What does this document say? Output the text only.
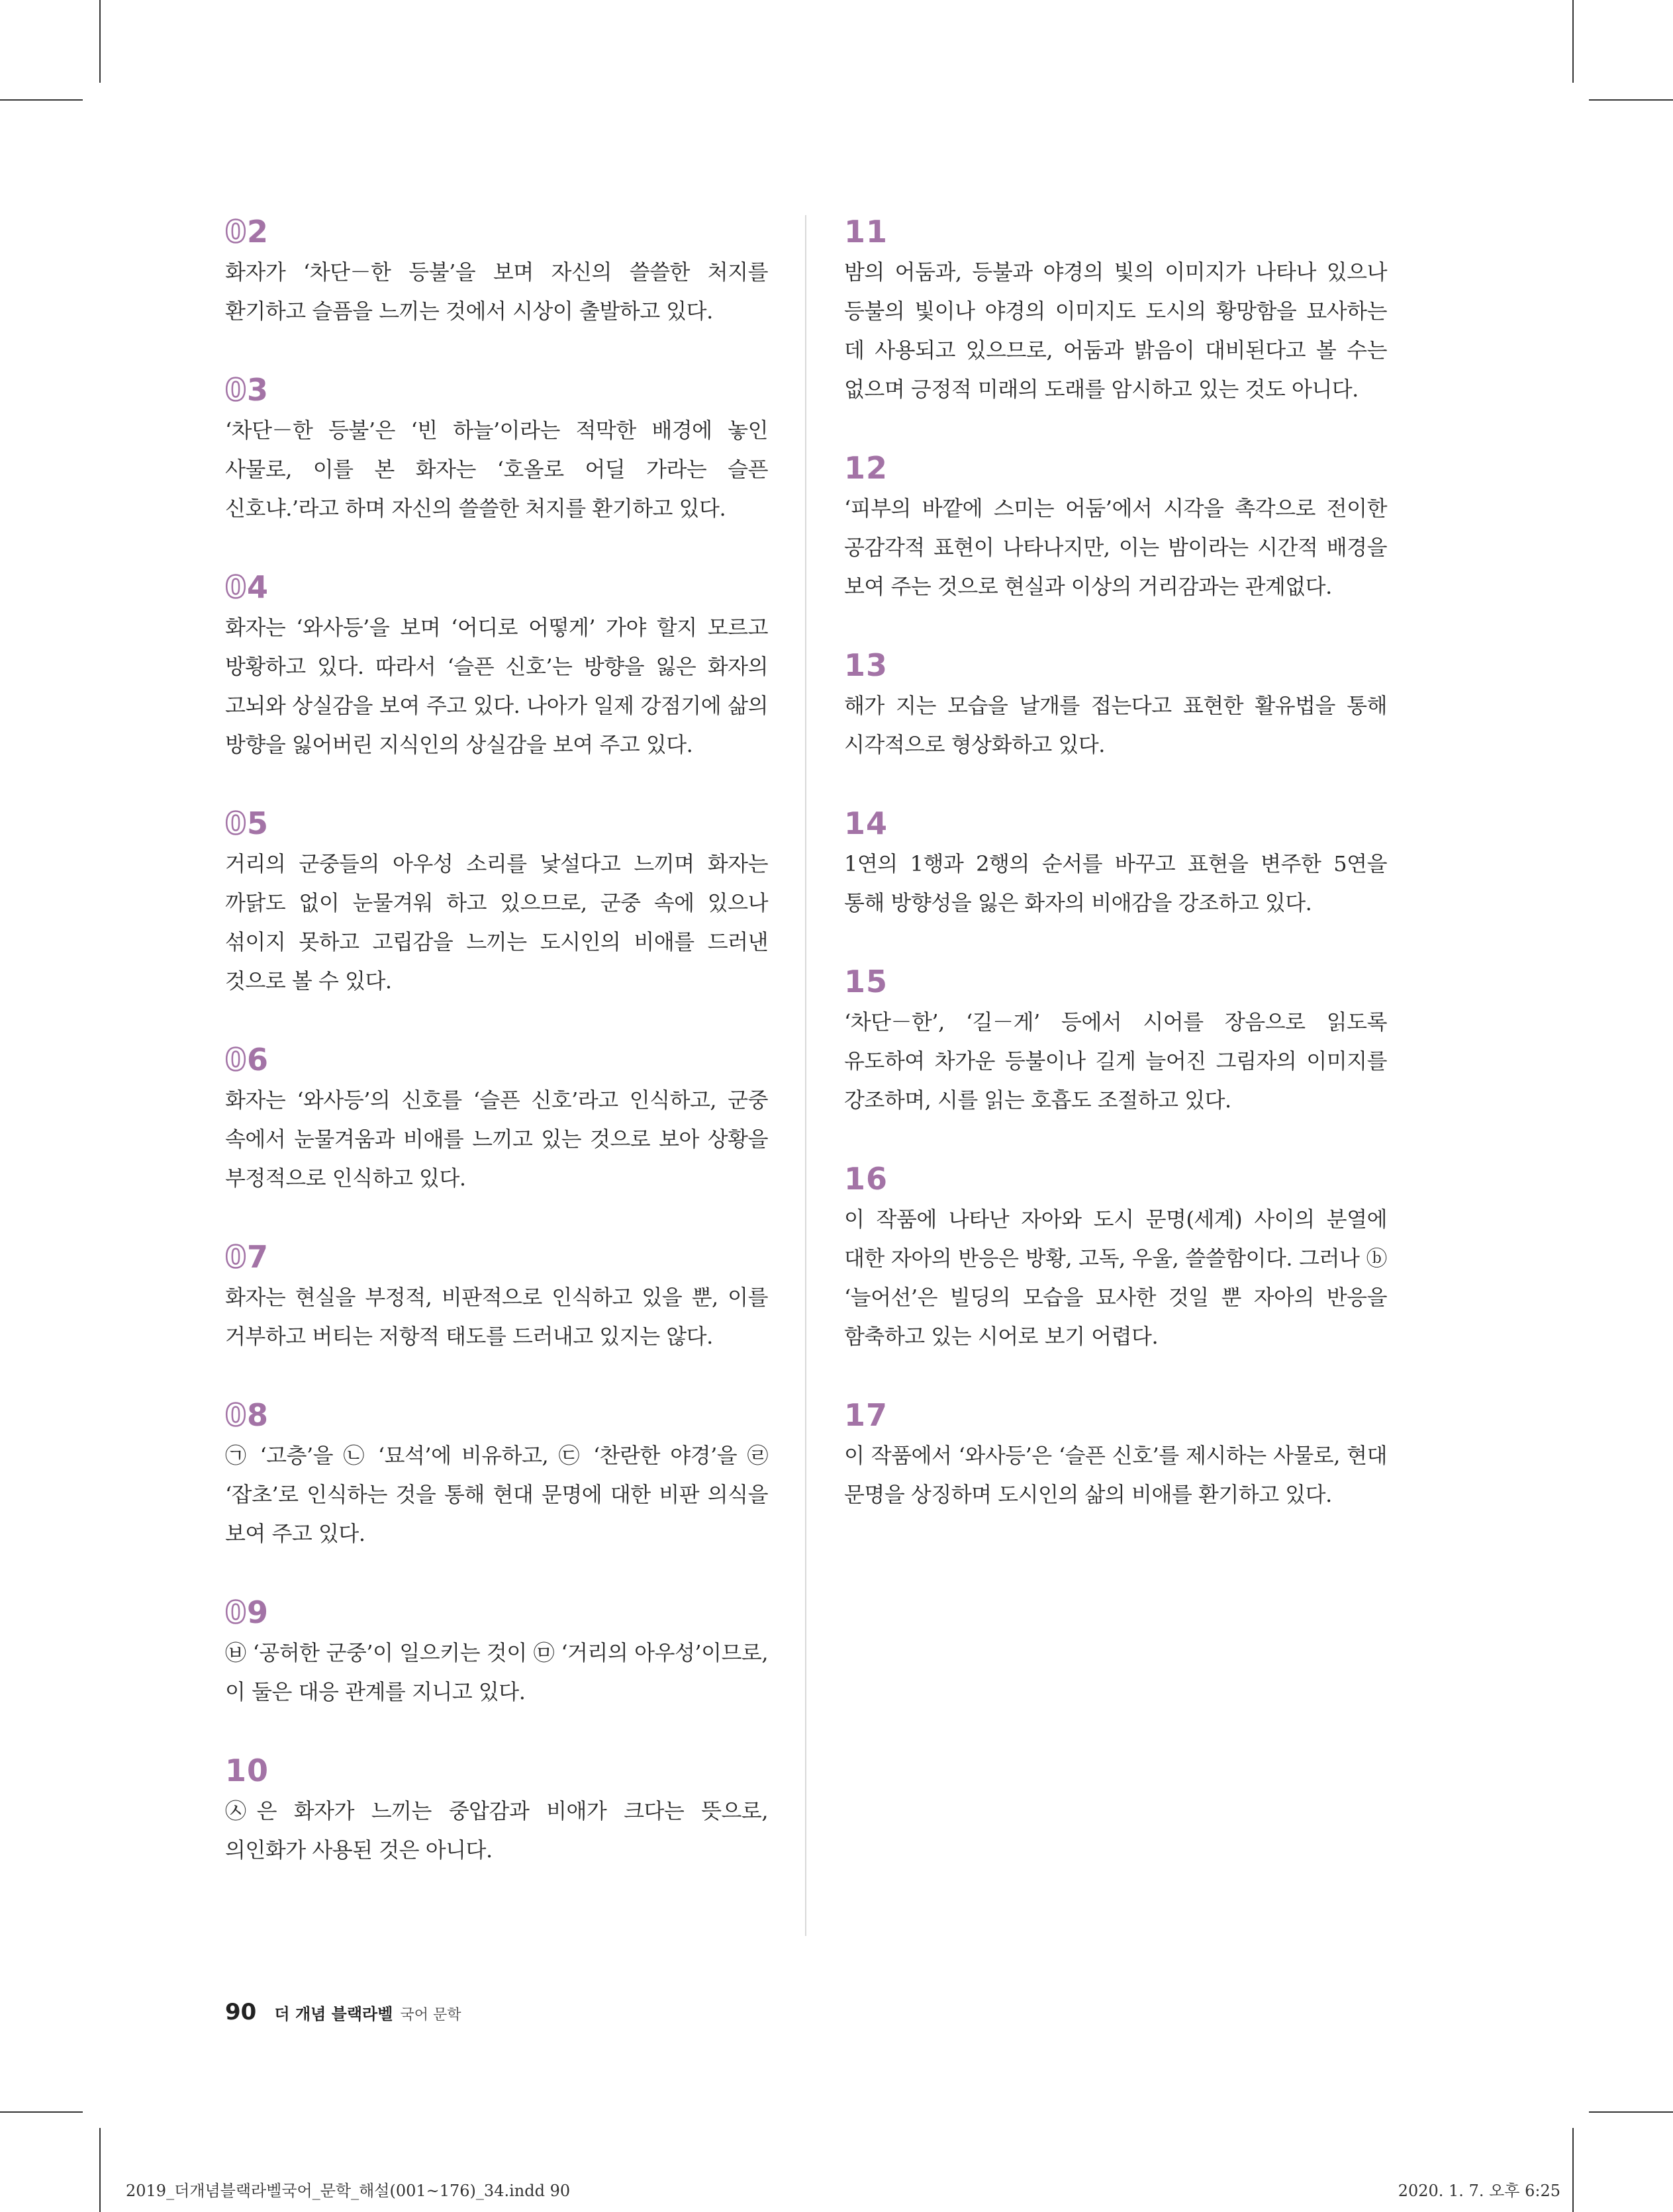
02

화자가 ‘차단－한 등불’을 보며 자신의 쓸쓸한 처지를 환기하고 슬픔을 느끼는 것에서 시상이 출발하고 있다.

03

‘차단－한 등불’은 ‘빈 하늘’이라는 적막한 배경에 놓인 사물로, 이를 본 화자는 ‘호올로 어딜 가라는 슬픈 신호냐.’라고 하며 자신의 쓸쓸한 처지를 환기하고 있다.

04

화자는 ‘와사등’을 보며 ‘어디로 어떻게’ 가야 할지 모르고 방황하고 있다. 따라서 ‘슬픈 신호’는 방향을 잃은 화자의 고뇌와 상실감을 보여 주고 있다. 나아가 일제 강점기에 삶의 방향을 잃어버린 지식인의 상실감을 보여 주고 있다.

05

거리의 군중들의 아우성 소리를 낯설다고 느끼며 화자는 까닭도 없이 눈물겨워 하고 있으므로, 군중 속에 있으나 섞이지 못하고 고립감을 느끼는 도시인의 비애를 드러낸 것으로 볼 수 있다.

06

화자는 ‘와사등’의 신호를 ‘슬픈 신호’라고 인식하고, 군중 속에서 눈물겨움과 비애를 느끼고 있는 것으로 보아 상황을 부정적으로 인식하고 있다.

07

화자는 현실을 부정적, 비판적으로 인식하고 있을 뿐, 이를 거부하고 버티는 저항적 태도를 드러내고 있지는 않다.

08

㉠ ‘고층’을 ㉡ ‘묘석’에 비유하고, ㉢ ‘찬란한 야경’을 ㉣ ‘잡초’로 인식하는 것을 통해 현대 문명에 대한 비판 의식을 보여 주고 있다.

09

㉥ ‘공허한 군중’이 일으키는 것이 ㉤ ‘거리의 아우성’이므로, 이 둘은 대응 관계를 지니고 있다.

10

㉦은 화자가 느끼는 중압감과 비애가 크다는 뜻으로, 의인화가 사용된 것은 아니다.

11

밤의 어둠과, 등불과 야경의 빛의 이미지가 나타나 있으나 등불의 빛이나 야경의 이미지도 도시의 황망함을 묘사하는 데 사용되고 있으므로, 어둠과 밝음이 대비된다고 볼 수는 없으며 긍정적 미래의 도래를 암시하고 있는 것도 아니다.

12

‘피부의 바깥에 스미는 어둠’에서 시각을 촉각으로 전이한 공감각적 표현이 나타나지만, 이는 밤이라는 시간적 배경을 보여 주는 것으로 현실과 이상의 거리감과는 관계없다.

13

해가 지는 모습을 날개를 접는다고 표현한 활유법을 통해 시각적으로 형상화하고 있다.

14

1연의 1행과 2행의 순서를 바꾸고 표현을 변주한 5연을 통해 방향성을 잃은 화자의 비애감을 강조하고 있다.

15

‘차단－한’, ‘길－게’ 등에서 시어를 장음으로 읽도록 유도하여 차가운 등불이나 길게 늘어진 그림자의 이미지를 강조하며, 시를 읽는 호흡도 조절하고 있다.

16

이 작품에 나타난 자아와 도시 문명(세계) 사이의 분열에 대한 자아의 반응은 방황, 고독, 우울, 쓸쓸함이다. 그러나 ⓑ ‘늘어선’은 빌딩의 모습을 묘사한 것일 뿐 자아의 반응을 함축하고 있는 시어로 보기 어렵다.

17

이 작품에서 ‘와사등’은 ‘슬픈 신호’를 제시하는 사물로, 현대 문명을 상징하며 도시인의 삶의 비애를 환기하고 있다.

90 더 개념 블랙라벨 국어 문학
2019_더개념블랙라벨국어_문학_해설(001~176)_34.indd 90	2020. 1. 7. 오후 6:25
